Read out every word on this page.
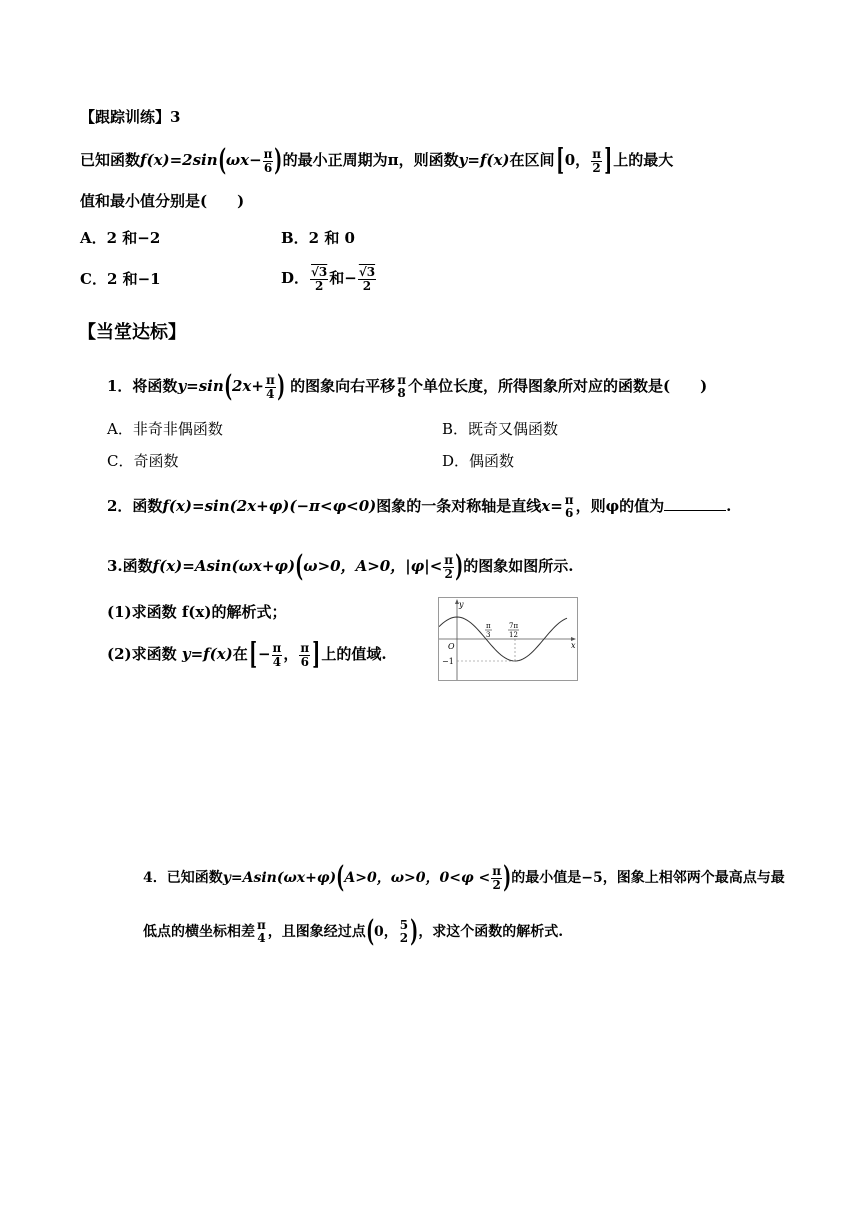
【跟踪训练】3
已知函数$f(x)=2\sin(\omega x- \frac{\pi}{6}$ )的最小正周期为π，则函数y=f(x)在区间[0， $\frac{\pi}{2}$ ]上的最大
值和最小值分别是(　　)
A．2 和−2	B．2 和 0
C．2 和−1	D． $\frac{√3}{2}$ 和− $\frac{√3}{2}$
【当堂达标】
1．将函数$y=\sin(2x+ \frac{\pi}{4}$ ) 的图象向右平移 π
8 个单位长度，所得图象所对应的函数是(　　)
A．非奇非偶函数	B．既奇又偶函数
C．奇函数	D．偶函数
2．函数f(x)=sin(2x+φ)(−π<φ<0)图象的一条对称轴是直线x= π
6 ，则φ的值为	.
3.函数f(x)=Asin(ωx+φ)(ω>0，A>0，$|\varphi|< \frac{\pi}{2}$ )的图象如图所示.
(1)求函数 f(x)的解析式；
(2)求函数 y=f(x)在[− $\frac{\pi}{4}$ ， $\frac{\pi}{6}$ ]上的值域.
y
x
O
−1
π
3
7π
12
4．已知函数y=Asin(ωx+φ)(A>0，ω>0，$0<\varphi < \frac{\pi}{2}$ )的最小值是−5，图象上相邻两个最高点与最
低点的横坐标相差 π
4 ，且图象经过点(0， 5
2 )，求这个函数的解析式.
